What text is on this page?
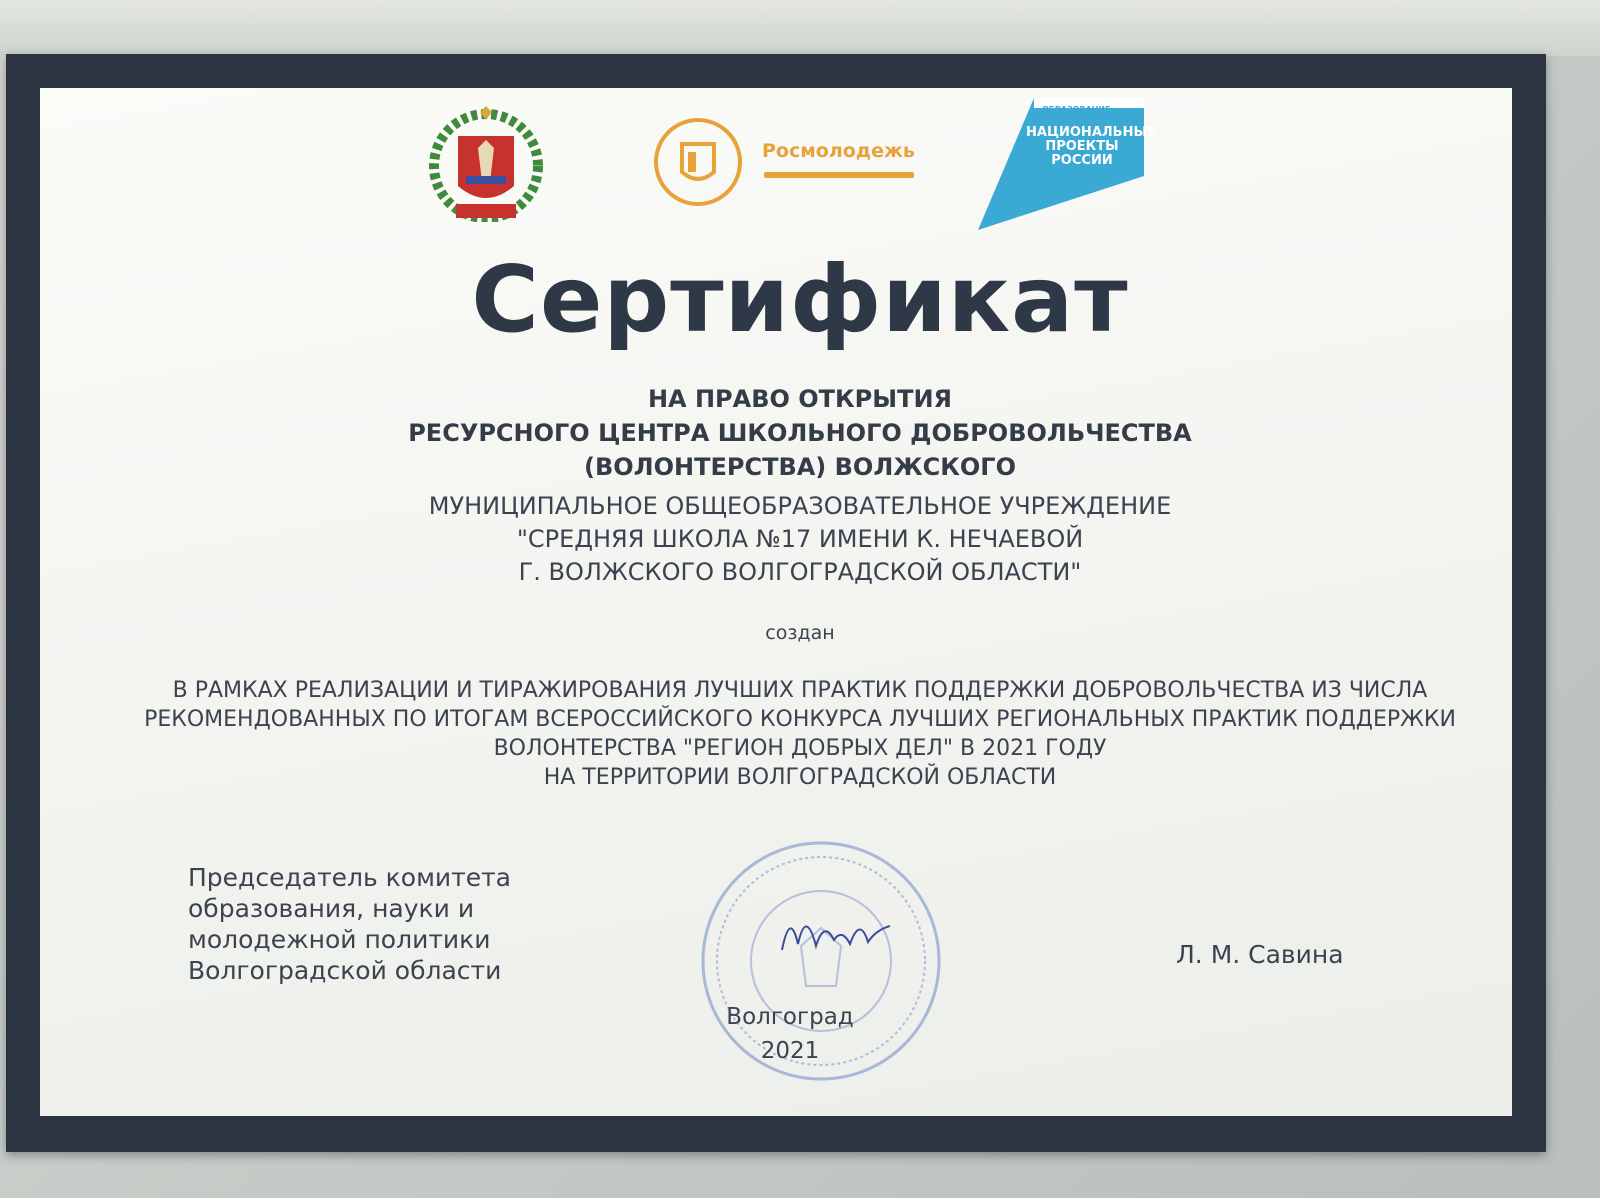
Росмолодежь
ОБРАЗОВАНИЕ
НАЦИОНАЛЬНЫЕ
ПРОЕКТЫ
РОССИИ
Сертификат
НА ПРАВО ОТКРЫТИЯ
РЕСУРСНОГО ЦЕНТРА ШКОЛЬНОГО ДОБРОВОЛЬЧЕСТВА
(ВОЛОНТЕРСТВА) ВОЛЖСКОГО
МУНИЦИПАЛЬНОЕ ОБЩЕОБРАЗОВАТЕЛЬНОЕ УЧРЕЖДЕНИЕ
"СРЕДНЯЯ ШКОЛА №17 ИМЕНИ К. НЕЧАЕВОЙ
Г. ВОЛЖСКОГО ВОЛГОГРАДСКОЙ ОБЛАСТИ"
создан
В РАМКАХ РЕАЛИЗАЦИИ И ТИРАЖИРОВАНИЯ ЛУЧШИХ ПРАКТИК ПОДДЕРЖКИ ДОБРОВОЛЬЧЕСТВА ИЗ ЧИСЛА
РЕКОМЕНДОВАННЫХ ПО ИТОГАМ ВСЕРОССИЙСКОГО КОНКУРСА ЛУЧШИХ РЕГИОНАЛЬНЫХ ПРАКТИК ПОДДЕРЖКИ
ВОЛОНТЕРСТВА "РЕГИОН ДОБРЫХ ДЕЛ" В 2021 ГОДУ
НА ТЕРРИТОРИИ ВОЛГОГРАДСКОЙ ОБЛАСТИ
Председатель комитета
образования, науки и
молодежной политики
Волгоградской области
Л. М. Савина
Волгоград
2021
